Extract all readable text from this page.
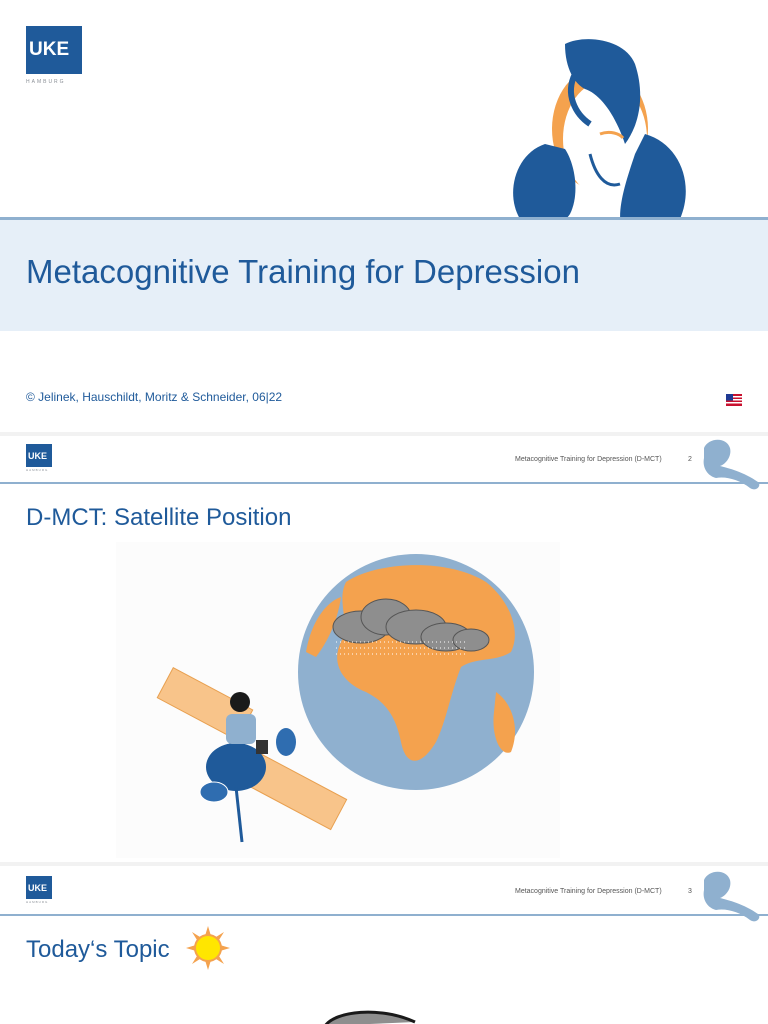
UKE
HAMBURG
Metacognitive Training for Depression
© Jelinek, Hauschildt, Moritz & Schneider, 06|22
UKE
HAMBURG
Metacognitive Training for Depression (D-MCT)	2
D-MCT: Satellite Position
UKE
HAMBURG
Metacognitive Training for Depression (D-MCT)	3
Today‘s Topic
